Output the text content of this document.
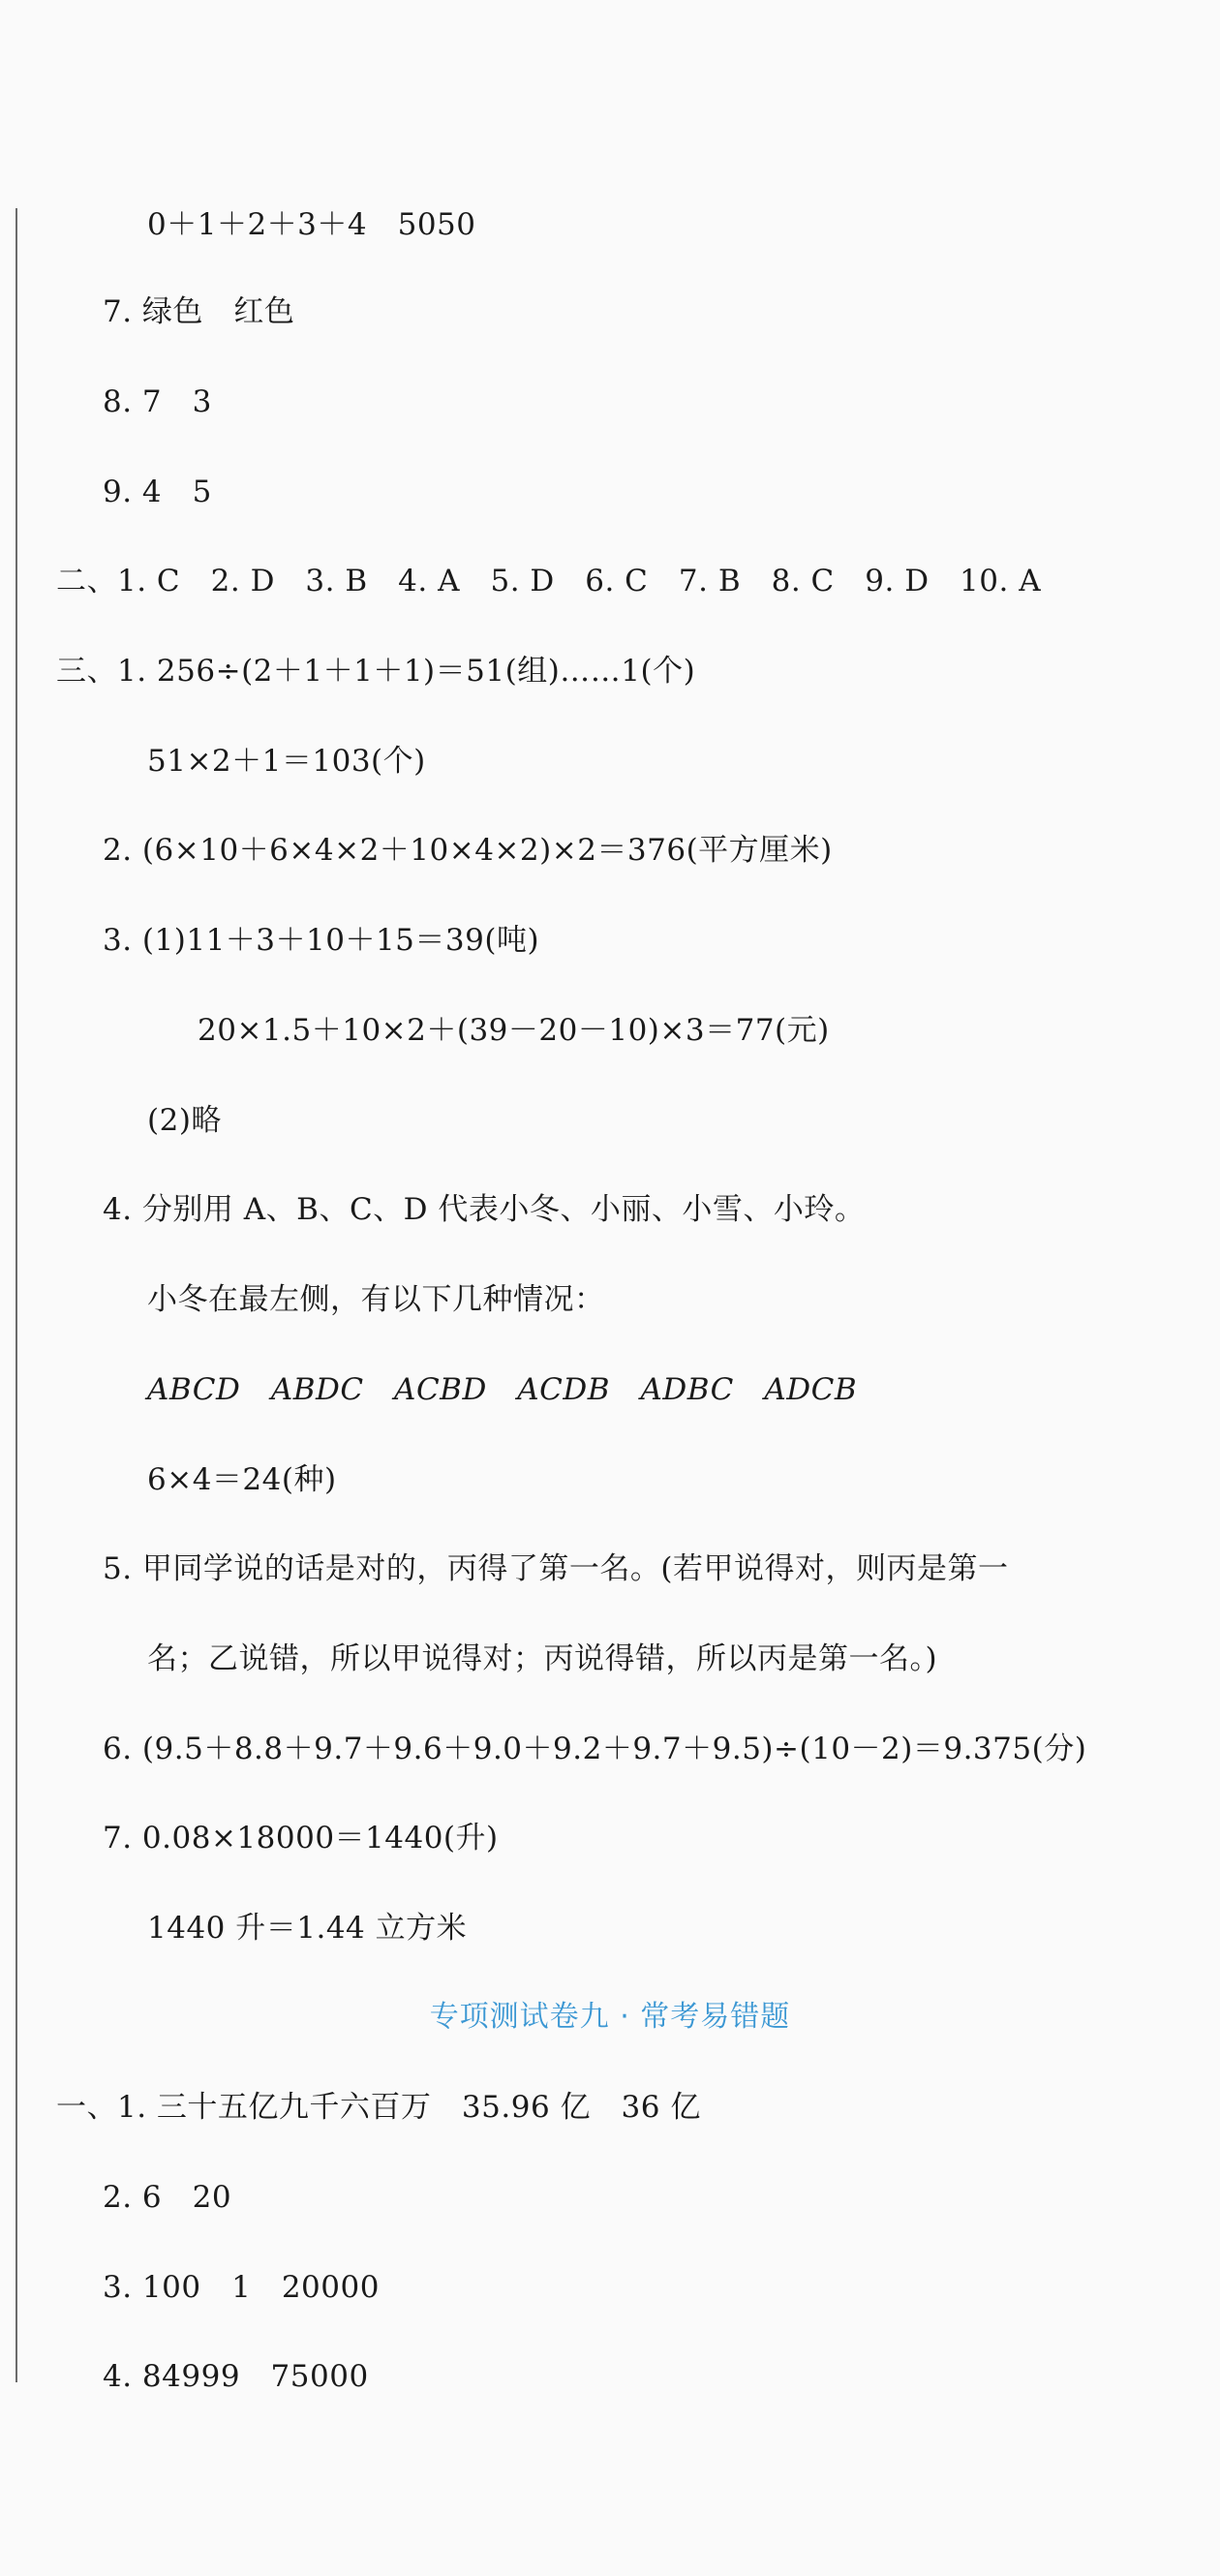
0＋1＋2＋3＋4　5050
7. 绿色　红色
8. 7　3
9. 4　5
二、1. C　2. D　3. B　4. A　5. D　6. C　7. B　8. C　9. D　10. A
三、1. 256÷(2＋1＋1＋1)＝51(组)……1(个)
51×2＋1＝103(个)
2. (6×10＋6×4×2＋10×4×2)×2＝376(平方厘米)
3. (1)11＋3＋10＋15＝39(吨)
20×1.5＋10×2＋(39－20－10)×3＝77(元)
(2)略
4. 分别用 A、B、C、D 代表小冬、小丽、小雪、小玲。
小冬在最左侧，有以下几种情况：
ABCD　ABDC　ACBD　ACDB　ADBC　ADCB
6×4＝24(种)
5. 甲同学说的话是对的，丙得了第一名。(若甲说得对，则丙是第一
名；乙说错，所以甲说得对；丙说得错，所以丙是第一名。)
6. (9.5＋8.8＋9.7＋9.6＋9.0＋9.2＋9.7＋9.5)÷(10－2)＝9.375(分)
7. 0.08×18000＝1440(升)
1440 升＝1.44 立方米
专项测试卷九 · 常考易错题
一、1. 三十五亿九千六百万　35.96 亿　36 亿
2. 6　20
3. 100　1　20000
4. 84999　75000
